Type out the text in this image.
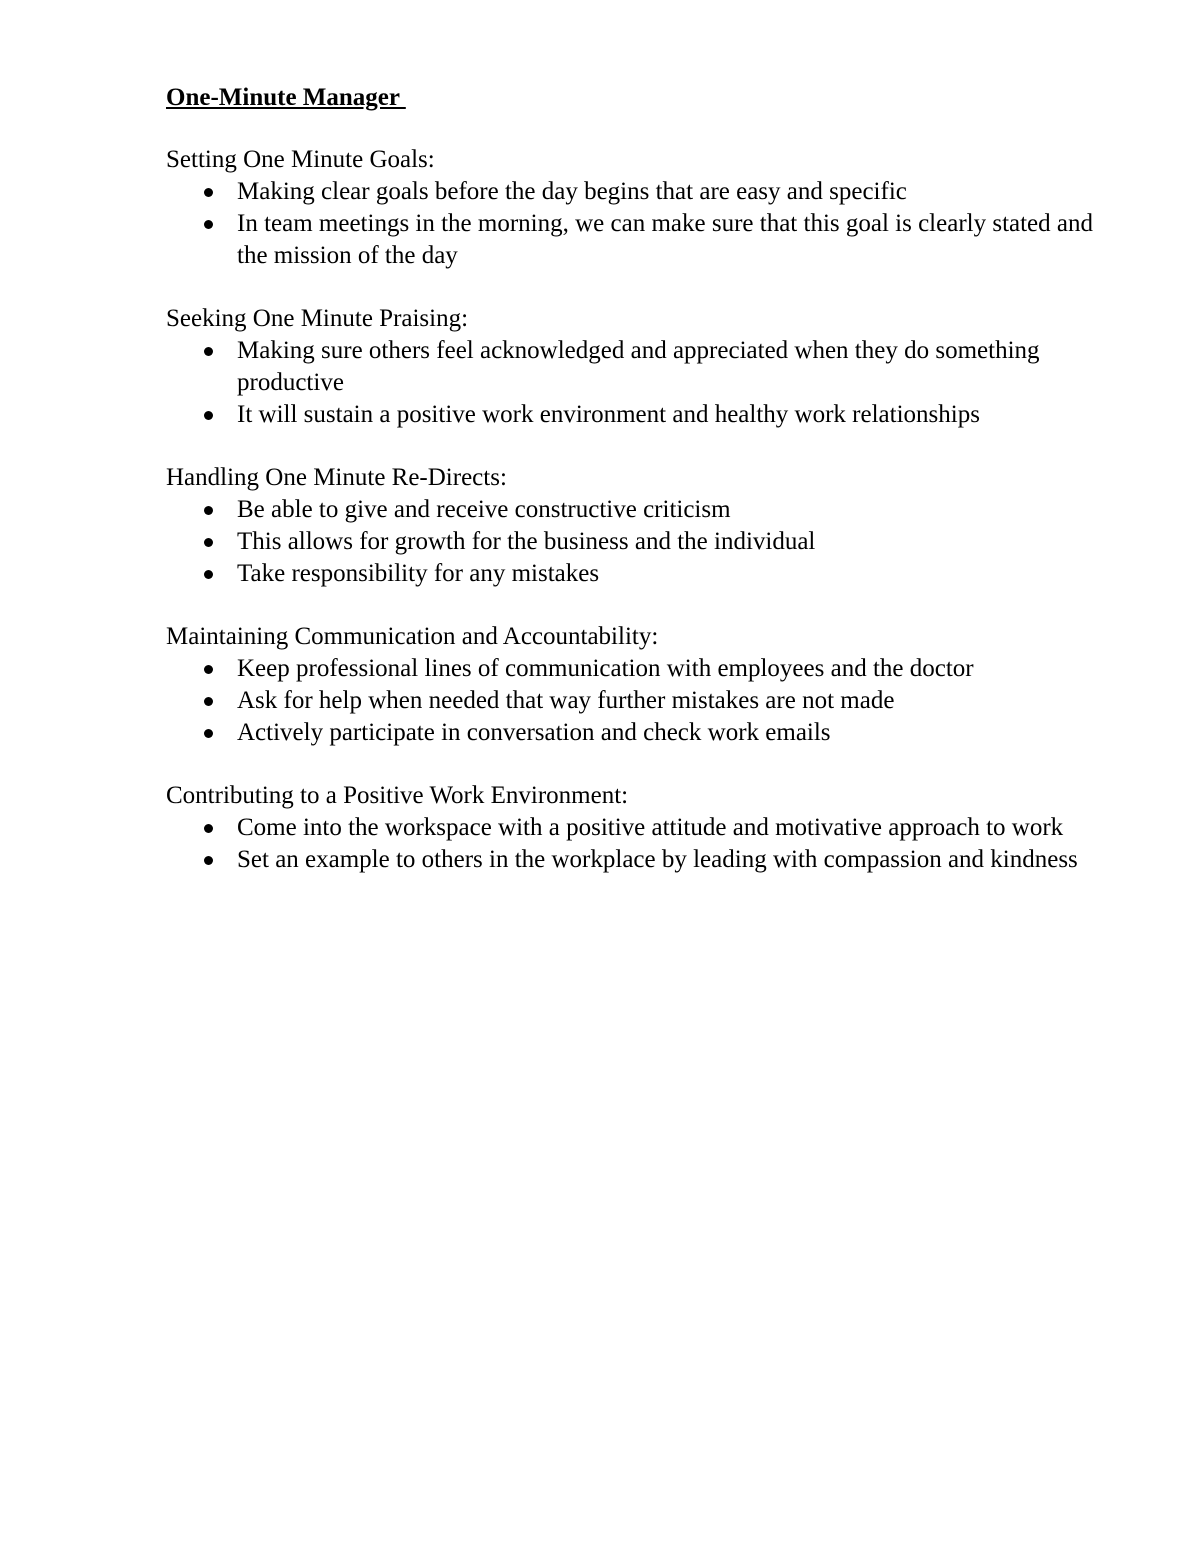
One-Minute Manager

Setting One Minute Goals:

Making clear goals before the day begins that are easy and specific
In team meetings in the morning, we can make sure that this goal is clearly stated and the mission of the day

Seeking One Minute Praising:

Making sure others feel acknowledged and appreciated when they do something productive
It will sustain a positive work environment and healthy work relationships

Handling One Minute Re-Directs:

Be able to give and receive constructive criticism
This allows for growth for the business and the individual
Take responsibility for any mistakes

Maintaining Communication and Accountability:

Keep professional lines of communication with employees and the doctor
Ask for help when needed that way further mistakes are not made
Actively participate in conversation and check work emails

Contributing to a Positive Work Environment:

Come into the workspace with a positive attitude and motivative approach to work
Set an example to others in the workplace by leading with compassion and kindness
